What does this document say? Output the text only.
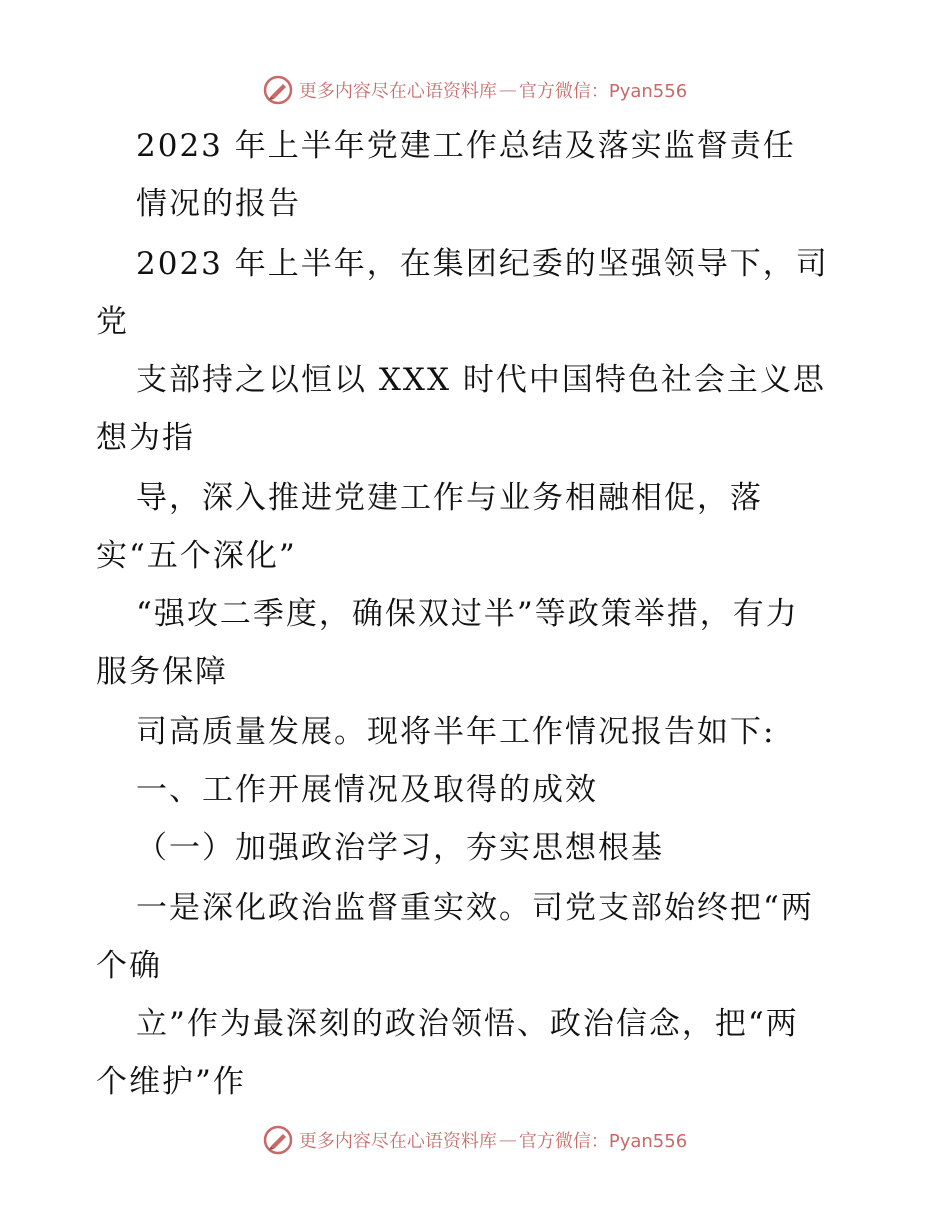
更多内容尽在心语资料库 — 官方微信：Pyan556
2023 年上半年党建工作总结及落实监督责任
情况的报告
2023 年上半年，在集团纪委的坚强领导下，司
党
支部持之以恒以 XXX 时代中国特色社会主义思
想为指
导，深入推进党建工作与业务相融相促，落
实“五个深化”
“强攻二季度，确保双过半”等政策举措，有力
服务保障
司高质量发展。现将半年工作情况报告如下:
一、工作开展情况及取得的成效
（一）加强政治学习，夯实思想根基
一是深化政治监督重实效。司党支部始终把“两
个确
立”作为最深刻的政治领悟、政治信念，把“两
个维护”作
更多内容尽在心语资料库 — 官方微信：Pyan556
